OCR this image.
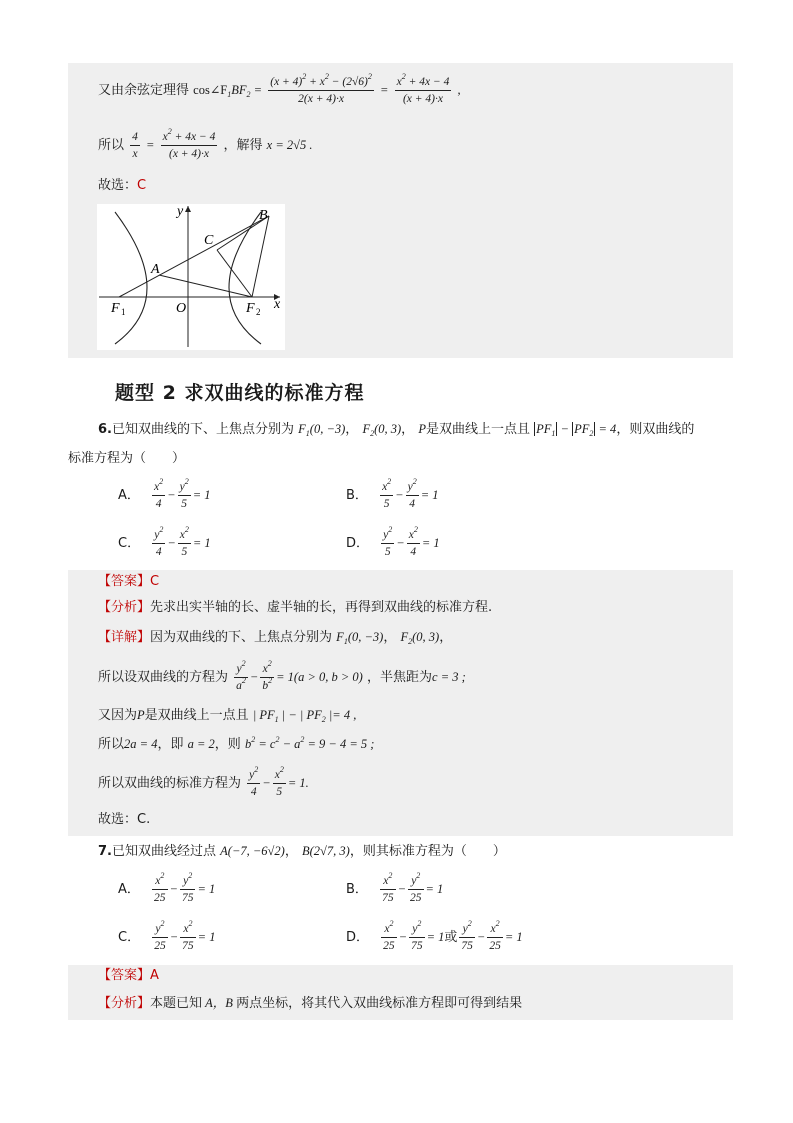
又由余弦定理得 $\cos\angle F_1BF_2 = \frac{(x + 4)^2 + x^2 - (2√6)^2}{2(x + 4)\cdot x} = \frac{x^2 + 4x - 4}{(x + 4)\cdot x}$ ,
所以 $\frac{4}{x} = \frac{x^2 + 4x - 4}{(x + 4)\cdot x}$ ，解得 x = 2√5 .
故选：C
y	B
C
A
F 1	O	F 2 x
题型 2 求双曲线的标准方程
6.已知双曲线的下、上焦点分别为 $F_1(0$, −3)， $F_2(0$, 3)， P是双曲线上一点且 $PF_1 - PF_2 = 4$，则双曲线的
标准方程为（　　）
A． $\frac{x^2}{4} - \frac{y^2}{5} = 1$	B． $\frac{x^2}{5} - \frac{y^2}{4} = 1$
C． $\frac{y^2}{4} - \frac{x^2}{5} = 1$	D． $\frac{y^2}{5} - \frac{x^2}{4} = 1$
【答案】C
【分析】先求出实半轴的长、虚半轴的长，再得到双曲线的标准方程.
【详解】因为双曲线的下、上焦点分别为 $F_1(0$, −3)， $F_2(0$, 3)，
所以设双曲线的方程为 $\frac{y^2}{a^2} - \frac{x^2}{b^2} = 1(a > 0$, b > 0) ，半焦距为c = 3 ;
又因为P是双曲线上一点且 | $PF_1$ | − | $PF_2$ |= 4 ,
所以2a = 4，即 a = 2，则 $b^2 = c^2 - a^2 = 9 - 4 = 5$ ;
所以双曲线的标准方程为 $\frac{y^2}{4} - \frac{x^2}{5} = 1$.
故选：C.
7.已知双曲线经过点 A(−7, −6√2)， B(2√7, 3)，则其标准方程为（　　）
A． $\frac{x^2}{25} - \frac{y^2}{75} = 1$	B． $\frac{x^2}{75} - \frac{y^2}{25} = 1$
C． $\frac{y^2}{25} - \frac{x^2}{75} = 1$	D． $\frac{x^2}{25} - \frac{y^2}{75} = 1$或 $\frac{y^2}{75} - \frac{x^2}{25} = 1$
【答案】A
【分析】本题已知 A，B 两点坐标，将其代入双曲线标准方程即可得到结果
